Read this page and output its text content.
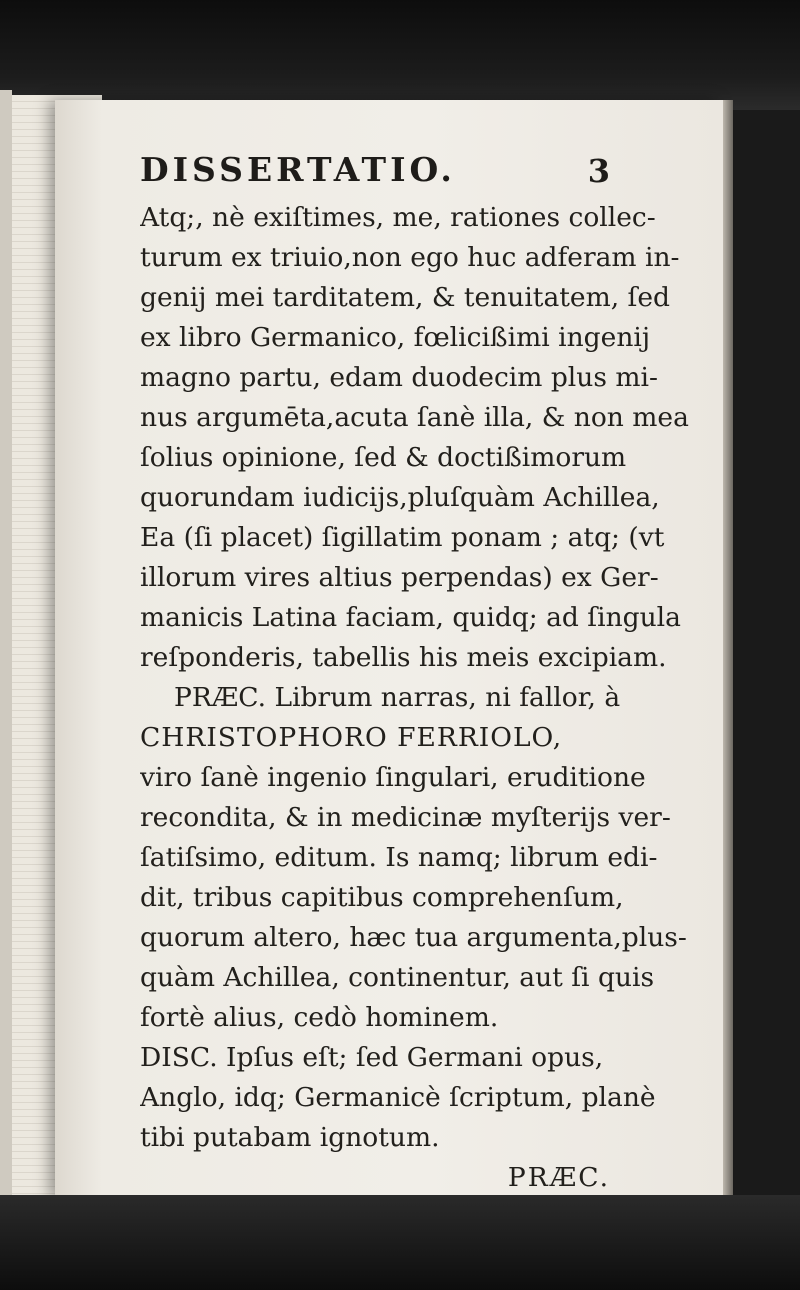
DISSERTATIO.	3
Atq;, nè exiſtimes, me, rationes collec-
turum ex triuio,non ego huc adferam in-
genij mei tarditatem, & tenuitatem, ſed
ex libro Germanico, fœlicißimi ingenij
magno partu, edam duodecim plus mi-
nus argumēta,acuta ſanè illa, & non mea
ſolius opinione, ſed & doctißimorum
quorundam iudicijs,pluſquàm Achillea,
Ea (ſi placet) ſigillatim ponam ; atq; (vt
illorum vires altius perpendas) ex Ger-
manicis Latina faciam, quidq; ad ſingula
reſponderis, tabellis his meis excipiam.
PRÆC. Librum narras, ni fallor, à
CHRISTOPHORO FERRIOLO,
viro ſanè ingenio ſingulari, eruditione
recondita, & in medicinæ myſterijs ver-
ſatiſsimo, editum. Is namq; librum edi-
dit, tribus capitibus comprehenſum,
quorum altero, hæc tua argumenta,plus-
quàm Achillea, continentur, aut ſi quis
fortè alius, cedò hominem.
DISC. Ipſus eſt; ſed Germani opus,
Anglo, idq; Germanicè ſcriptum, planè
tibi putabam ignotum.
PRÆC.
